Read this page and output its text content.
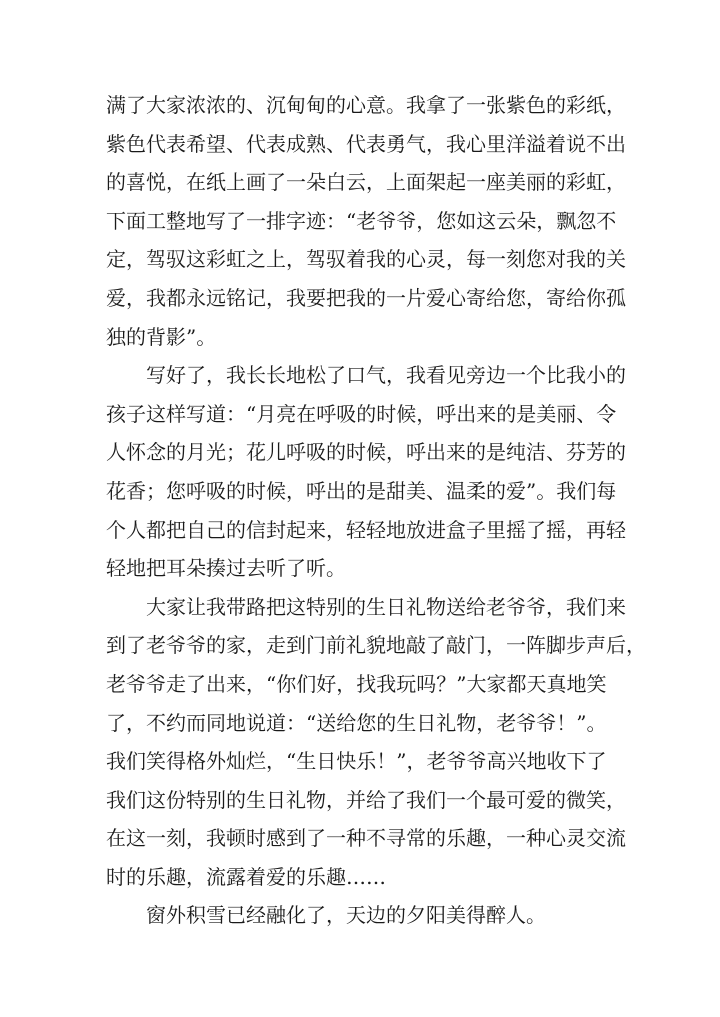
满了大家浓浓的、沉甸甸的心意。我拿了一张紫色的彩纸，
紫色代表希望、代表成熟、代表勇气，我心里洋溢着说不出
的喜悦，在纸上画了一朵白云，上面架起一座美丽的彩虹，
下面工整地写了一排字迹：“老爷爷，您如这云朵，飘忽不
定，驾驭这彩虹之上，驾驭着我的心灵，每一刻您对我的关
爱，我都永远铭记，我要把我的一片爱心寄给您，寄给你孤
独的背影”。

写好了，我长长地松了口气，我看见旁边一个比我小的
孩子这样写道：“月亮在呼吸的时候，呼出来的是美丽、令
人怀念的月光；花儿呼吸的时候，呼出来的是纯洁、芬芳的
花香；您呼吸的时候，呼出的是甜美、温柔的爱”。我们每
个人都把自己的信封起来，轻轻地放进盒子里摇了摇，再轻
轻地把耳朵揍过去听了听。

大家让我带路把这特别的生日礼物送给老爷爷，我们来
到了老爷爷的家，走到门前礼貌地敲了敲门，一阵脚步声后，
老爷爷走了出来，“你们好，找我玩吗？”大家都天真地笑
了，不约而同地说道：“送给您的生日礼物，老爷爷！”。
我们笑得格外灿烂，“生日快乐！”，老爷爷高兴地收下了
我们这份特别的生日礼物，并给了我们一个最可爱的微笑，
在这一刻，我顿时感到了一种不寻常的乐趣，一种心灵交流
时的乐趣，流露着爱的乐趣……

窗外积雪已经融化了，天边的夕阳美得醉人。
